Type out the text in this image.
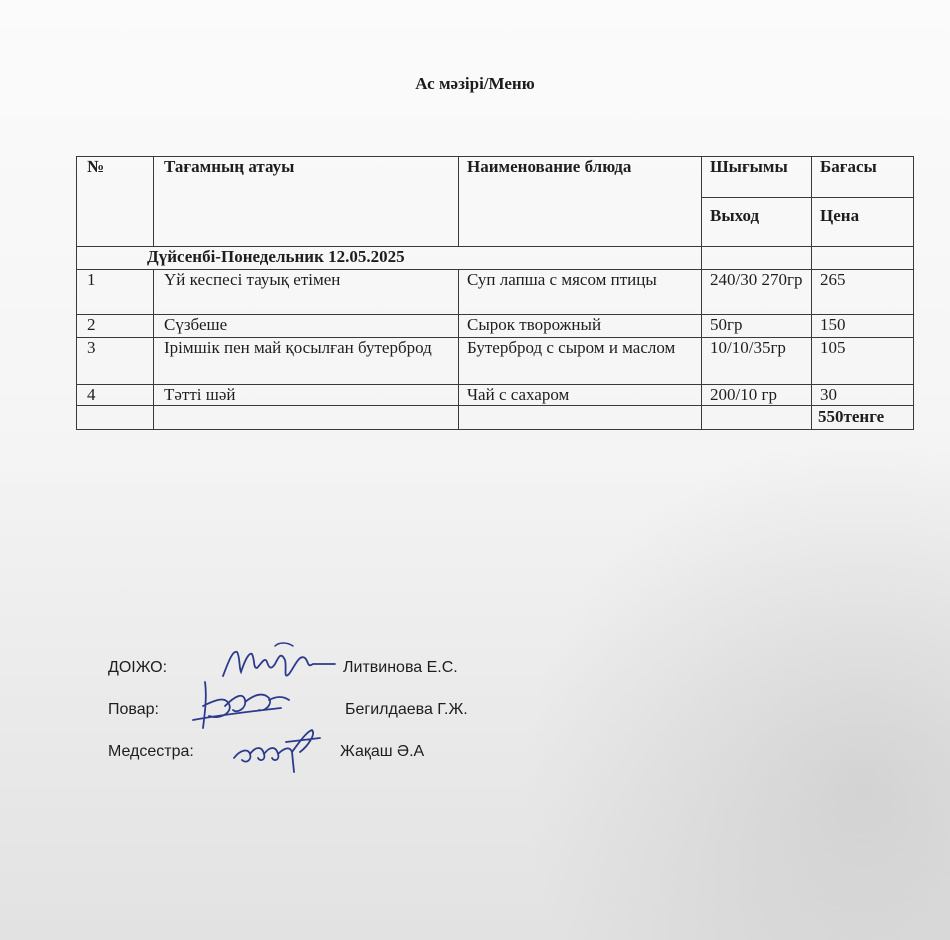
Ас мәзірі/Меню
№	Тағамның атауы	Наименование блюда	Шығымы	Бағасы
			Выход	Цена
Дүйсенбі-Понедельник 12.05.2025				
1	Үй кеспесі тауық етімен	Суп лапша с мясом птицы	240/30 270гр	265
2	Сүзбеше	Сырок творожный	50гр	150
3	Ірімшік пен май қосылған бутерброд	Бутерброд с сыром и маслом	10/10/35гр	105
4	Тәтті шәй	Чай с сахаром	200/10 гр	30
				550тенге
ДОІЖО:	Литвинова Е.С.
Повар:	Бегилдаева Г.Ж.
Медсестра:	Жақаш Ә.А
